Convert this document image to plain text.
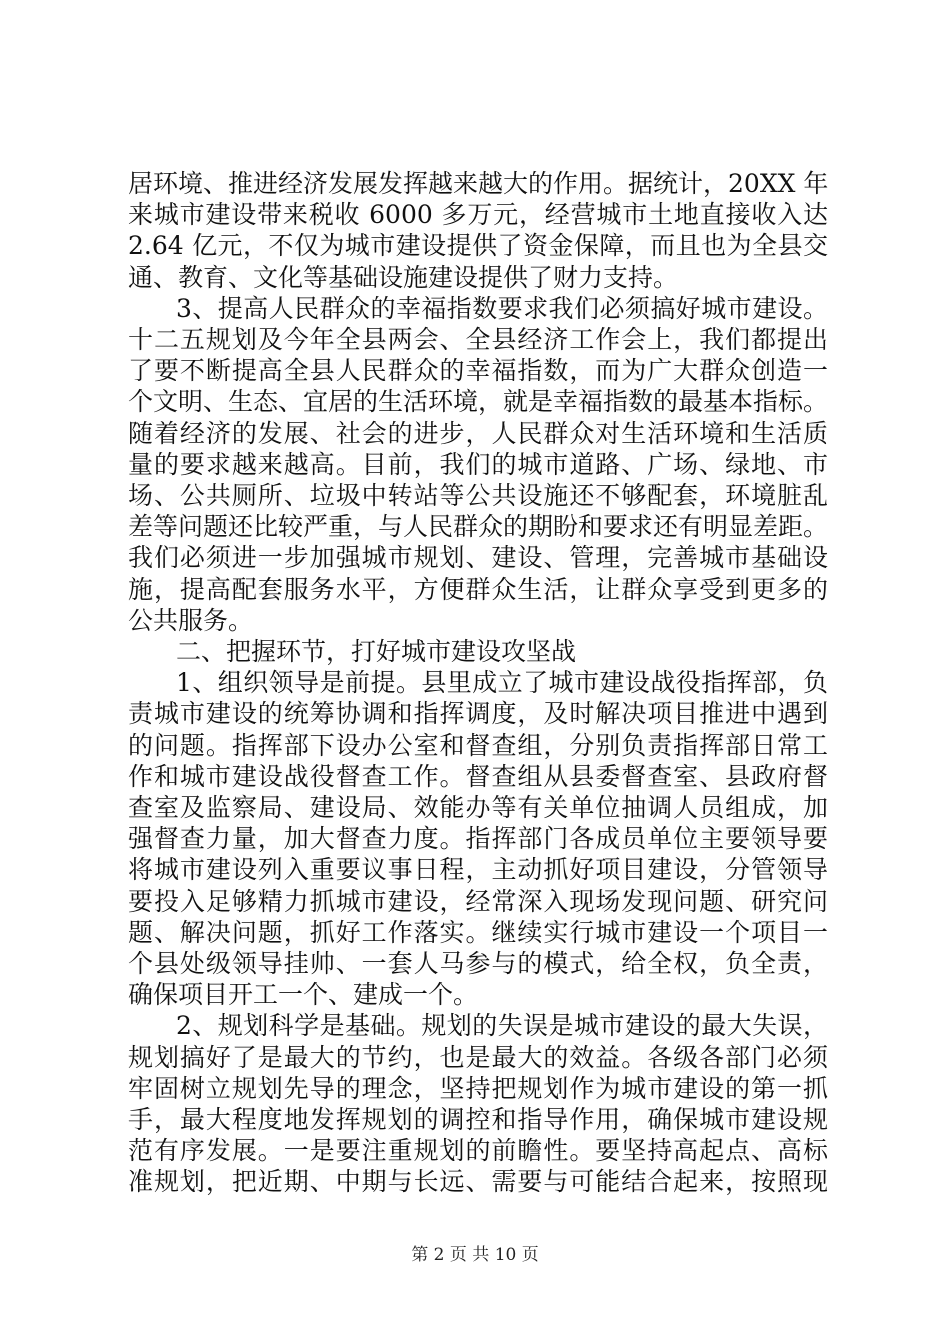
居环境、推进经济发展发挥越来越大的作用。据统计，20XX 年
来城市建设带来税收 6000 多万元，经营城市土地直接收入达
2.64 亿元，不仅为城市建设提供了资金保障，而且也为全县交
通、教育、文化等基础设施建设提供了财力支持。
3、提高人民群众的幸福指数要求我们必须搞好城市建设。
十二五规划及今年全县两会、全县经济工作会上，我们都提出
了要不断提高全县人民群众的幸福指数，而为广大群众创造一
个文明、生态、宜居的生活环境，就是幸福指数的最基本指标。
随着经济的发展、社会的进步，人民群众对生活环境和生活质
量的要求越来越高。目前，我们的城市道路、广场、绿地、市
场、公共厕所、垃圾中转站等公共设施还不够配套，环境脏乱
差等问题还比较严重，与人民群众的期盼和要求还有明显差距。
我们必须进一步加强城市规划、建设、管理，完善城市基础设
施，提高配套服务水平，方便群众生活，让群众享受到更多的
公共服务。
二、把握环节，打好城市建设攻坚战
1、组织领导是前提。县里成立了城市建设战役指挥部，负
责城市建设的统筹协调和指挥调度，及时解决项目推进中遇到
的问题。指挥部下设办公室和督查组，分别负责指挥部日常工
作和城市建设战役督查工作。督查组从县委督查室、县政府督
查室及监察局、建设局、效能办等有关单位抽调人员组成，加
强督查力量，加大督查力度。指挥部门各成员单位主要领导要
将城市建设列入重要议事日程，主动抓好项目建设，分管领导
要投入足够精力抓城市建设，经常深入现场发现问题、研究问
题、解决问题，抓好工作落实。继续实行城市建设一个项目一
个县处级领导挂帅、一套人马参与的模式，给全权，负全责，
确保项目开工一个、建成一个。
2、规划科学是基础。规划的失误是城市建设的最大失误，
规划搞好了是最大的节约，也是最大的效益。各级各部门必须
牢固树立规划先导的理念，坚持把规划作为城市建设的第一抓
手，最大程度地发挥规划的调控和指导作用，确保城市建设规
范有序发展。一是要注重规划的前瞻性。要坚持高起点、高标
准规划，把近期、中期与长远、需要与可能结合起来，按照现
第 2 页 共 10 页
